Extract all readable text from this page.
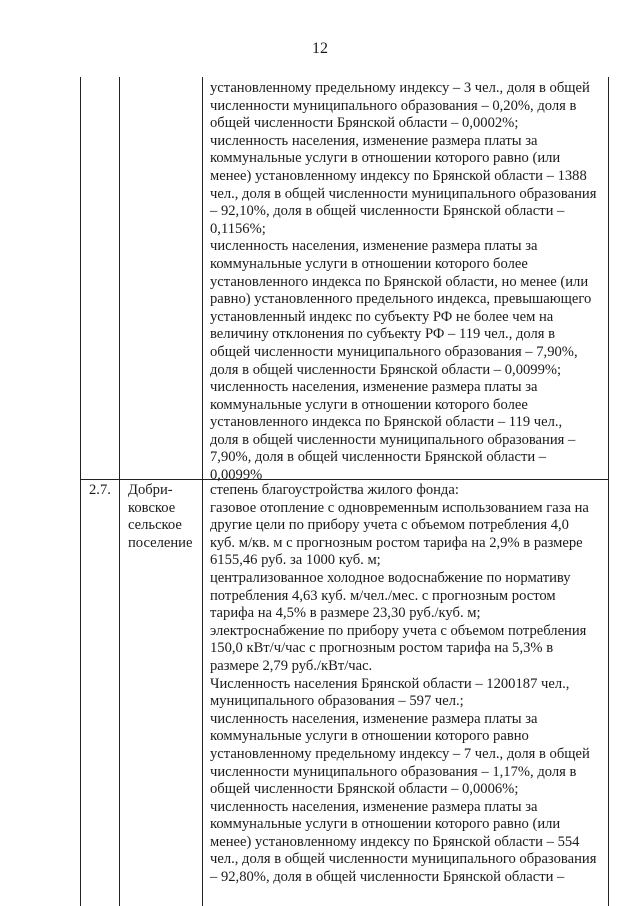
12
установленному предельному индексу – 3 чел., доля в общей
численности муниципального образования – 0,20%, доля в
общей численности Брянской области – 0,0002%;
численность населения, изменение размера платы за
коммунальные услуги в отношении которого равно (или
менее) установленному индексу по Брянской области – 1388
чел., доля в общей численности муниципального образования
– 92,10%, доля в общей численности Брянской области –
0,1156%;
численность населения, изменение размера платы за
коммунальные услуги в отношении которого более
установленного индекса по Брянской области, но менее (или
равно) установленного предельного индекса, превышающего
установленный индекс по субъекту РФ не более чем на
величину отклонения по субъекту РФ – 119 чел., доля в
общей численности муниципального образования – 7,90%,
доля в общей численности Брянской области – 0,0099%;
численность населения, изменение размера платы за
коммунальные услуги в отношении которого более
установленного индекса по Брянской области – 119 чел.,
доля в общей численности муниципального образования –
7,90%, доля в общей численности Брянской области –
0,0099%
2.7. Добри-
ковское
сельское
поселение
степень благоустройства жилого фонда:
газовое отопление с одновременным использованием газа на
другие цели по прибору учета с объемом потребления 4,0
куб. м/кв. м с прогнозным ростом тарифа на 2,9% в размере
6155,46 руб. за 1000 куб. м;
централизованное холодное водоснабжение по нормативу
потребления 4,63 куб. м/чел./мес. с прогнозным ростом
тарифа на 4,5% в размере 23,30 руб./куб. м;
электроснабжение по прибору учета с объемом потребления
150,0 кВт/ч/час с прогнозным ростом тарифа на 5,3% в
размере 2,79 руб./кВт/час.
Численность населения Брянской области – 1200187 чел.,
муниципального образования – 597 чел.;
численность населения, изменение размера платы за
коммунальные услуги в отношении которого равно
установленному предельному индексу – 7 чел., доля в общей
численности муниципального образования – 1,17%, доля в
общей численности Брянской области – 0,0006%;
численность населения, изменение размера платы за
коммунальные услуги в отношении которого равно (или
менее) установленному индексу по Брянской области – 554
чел., доля в общей численности муниципального образования
– 92,80%, доля в общей численности Брянской области –
